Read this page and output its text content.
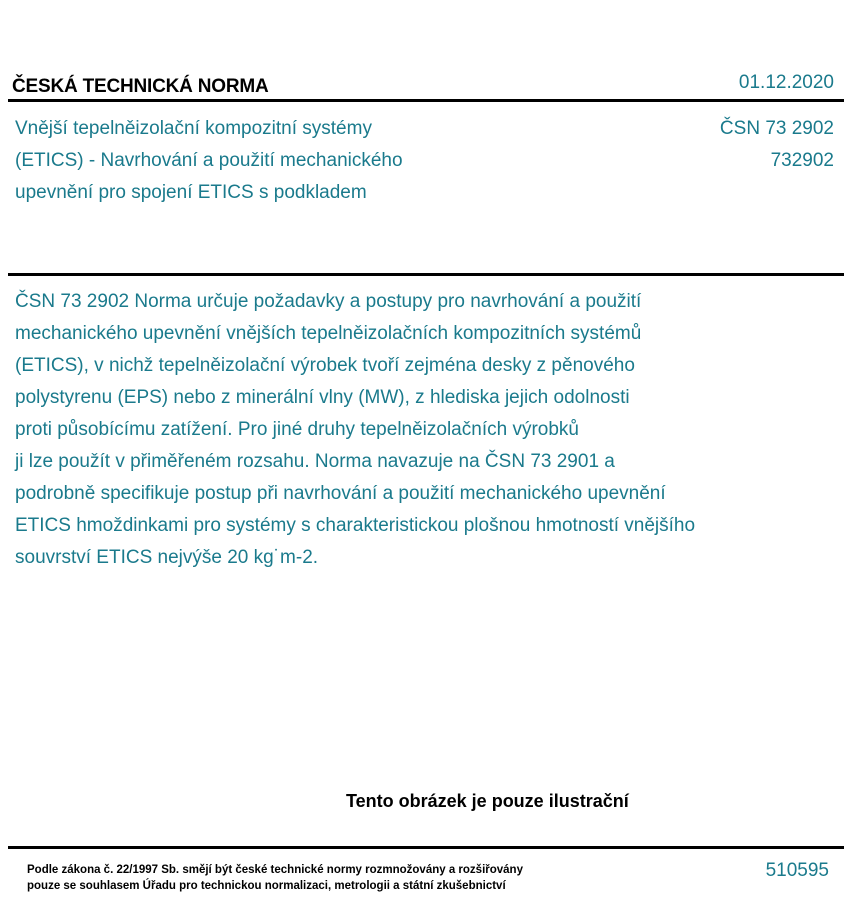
ČESKÁ TECHNICKÁ NORMA	01.12.2020
Vnější tepelněizolační kompozitní systémy
(ETICS) - Navrhování a použití mechanického
upevnění pro spojení ETICS s podkladem
ČSN 73 2902
732902
ČSN 73 2902 Norma určuje požadavky a postupy pro navrhování a použití
mechanického upevnění vnějších tepelněizolačních kompozitních systémů
(ETICS), v nichž tepelněizolační výrobek tvoří zejména desky z pěnového
polystyrenu (EPS) nebo z minerální vlny (MW), z hlediska jejich odolnosti
proti působícímu zatížení. Pro jiné druhy tepelněizolačních výrobků
ji lze použít v přiměřeném rozsahu. Norma navazuje na ČSN 73 2901 a
podrobně specifikuje postup při navrhování a použití mechanického upevnění
ETICS hmoždinkami pro systémy s charakteristickou plošnou hmotností vnějšího
souvrství ETICS nejvýše 20 kg˙m-2.
Tento obrázek je pouze ilustrační
Podle zákona č. 22/1997 Sb. smějí být české technické normy rozmnožovány a rozšiřovány
pouze se souhlasem Úřadu pro technickou normalizaci, metrologii a státní zkušebnictví
510595
